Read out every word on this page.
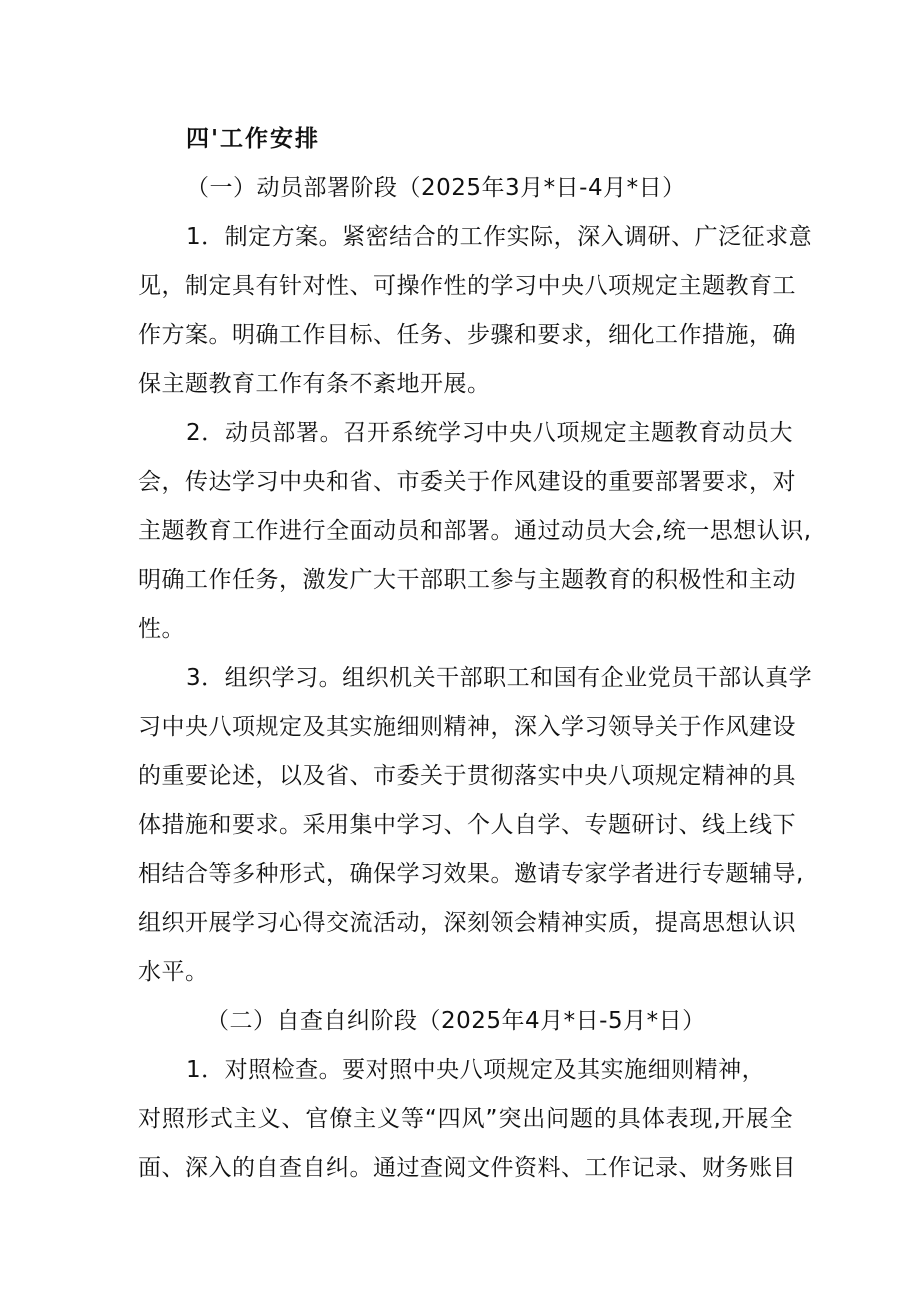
四'工作安排
（一）动员部署阶段（2025年3月*日-4月*日）
1．制定方案。紧密结合的工作实际，深入调研、广泛征求意
见，制定具有针对性、可操作性的学习中央八项规定主题教育工
作方案。明确工作目标、任务、步骤和要求，细化工作措施，确
保主题教育工作有条不紊地开展。
2．动员部署。召开系统学习中央八项规定主题教育动员大
会，传达学习中央和省、市委关于作风建设的重要部署要求，对
主题教育工作进行全面动员和部署。通过动员大会,统一思想认识,
明确工作任务，激发广大干部职工参与主题教育的积极性和主动
性。
3．组织学习。组织机关干部职工和国有企业党员干部认真学
习中央八项规定及其实施细则精神，深入学习领导关于作风建设
的重要论述，以及省、市委关于贯彻落实中央八项规定精神的具
体措施和要求。采用集中学习、个人自学、专题研讨、线上线下
相结合等多种形式，确保学习效果。邀请专家学者进行专题辅导,
组织开展学习心得交流活动，深刻领会精神实质，提高思想认识
水平。
（二）自查自纠阶段（2025年4月*日-5月*日）
1．对照检查。要对照中央八项规定及其实施细则精神，
对照形式主义、官僚主义等“四风”突出问题的具体表现,开展全
面、深入的自查自纠。通过查阅文件资料、工作记录、财务账目
